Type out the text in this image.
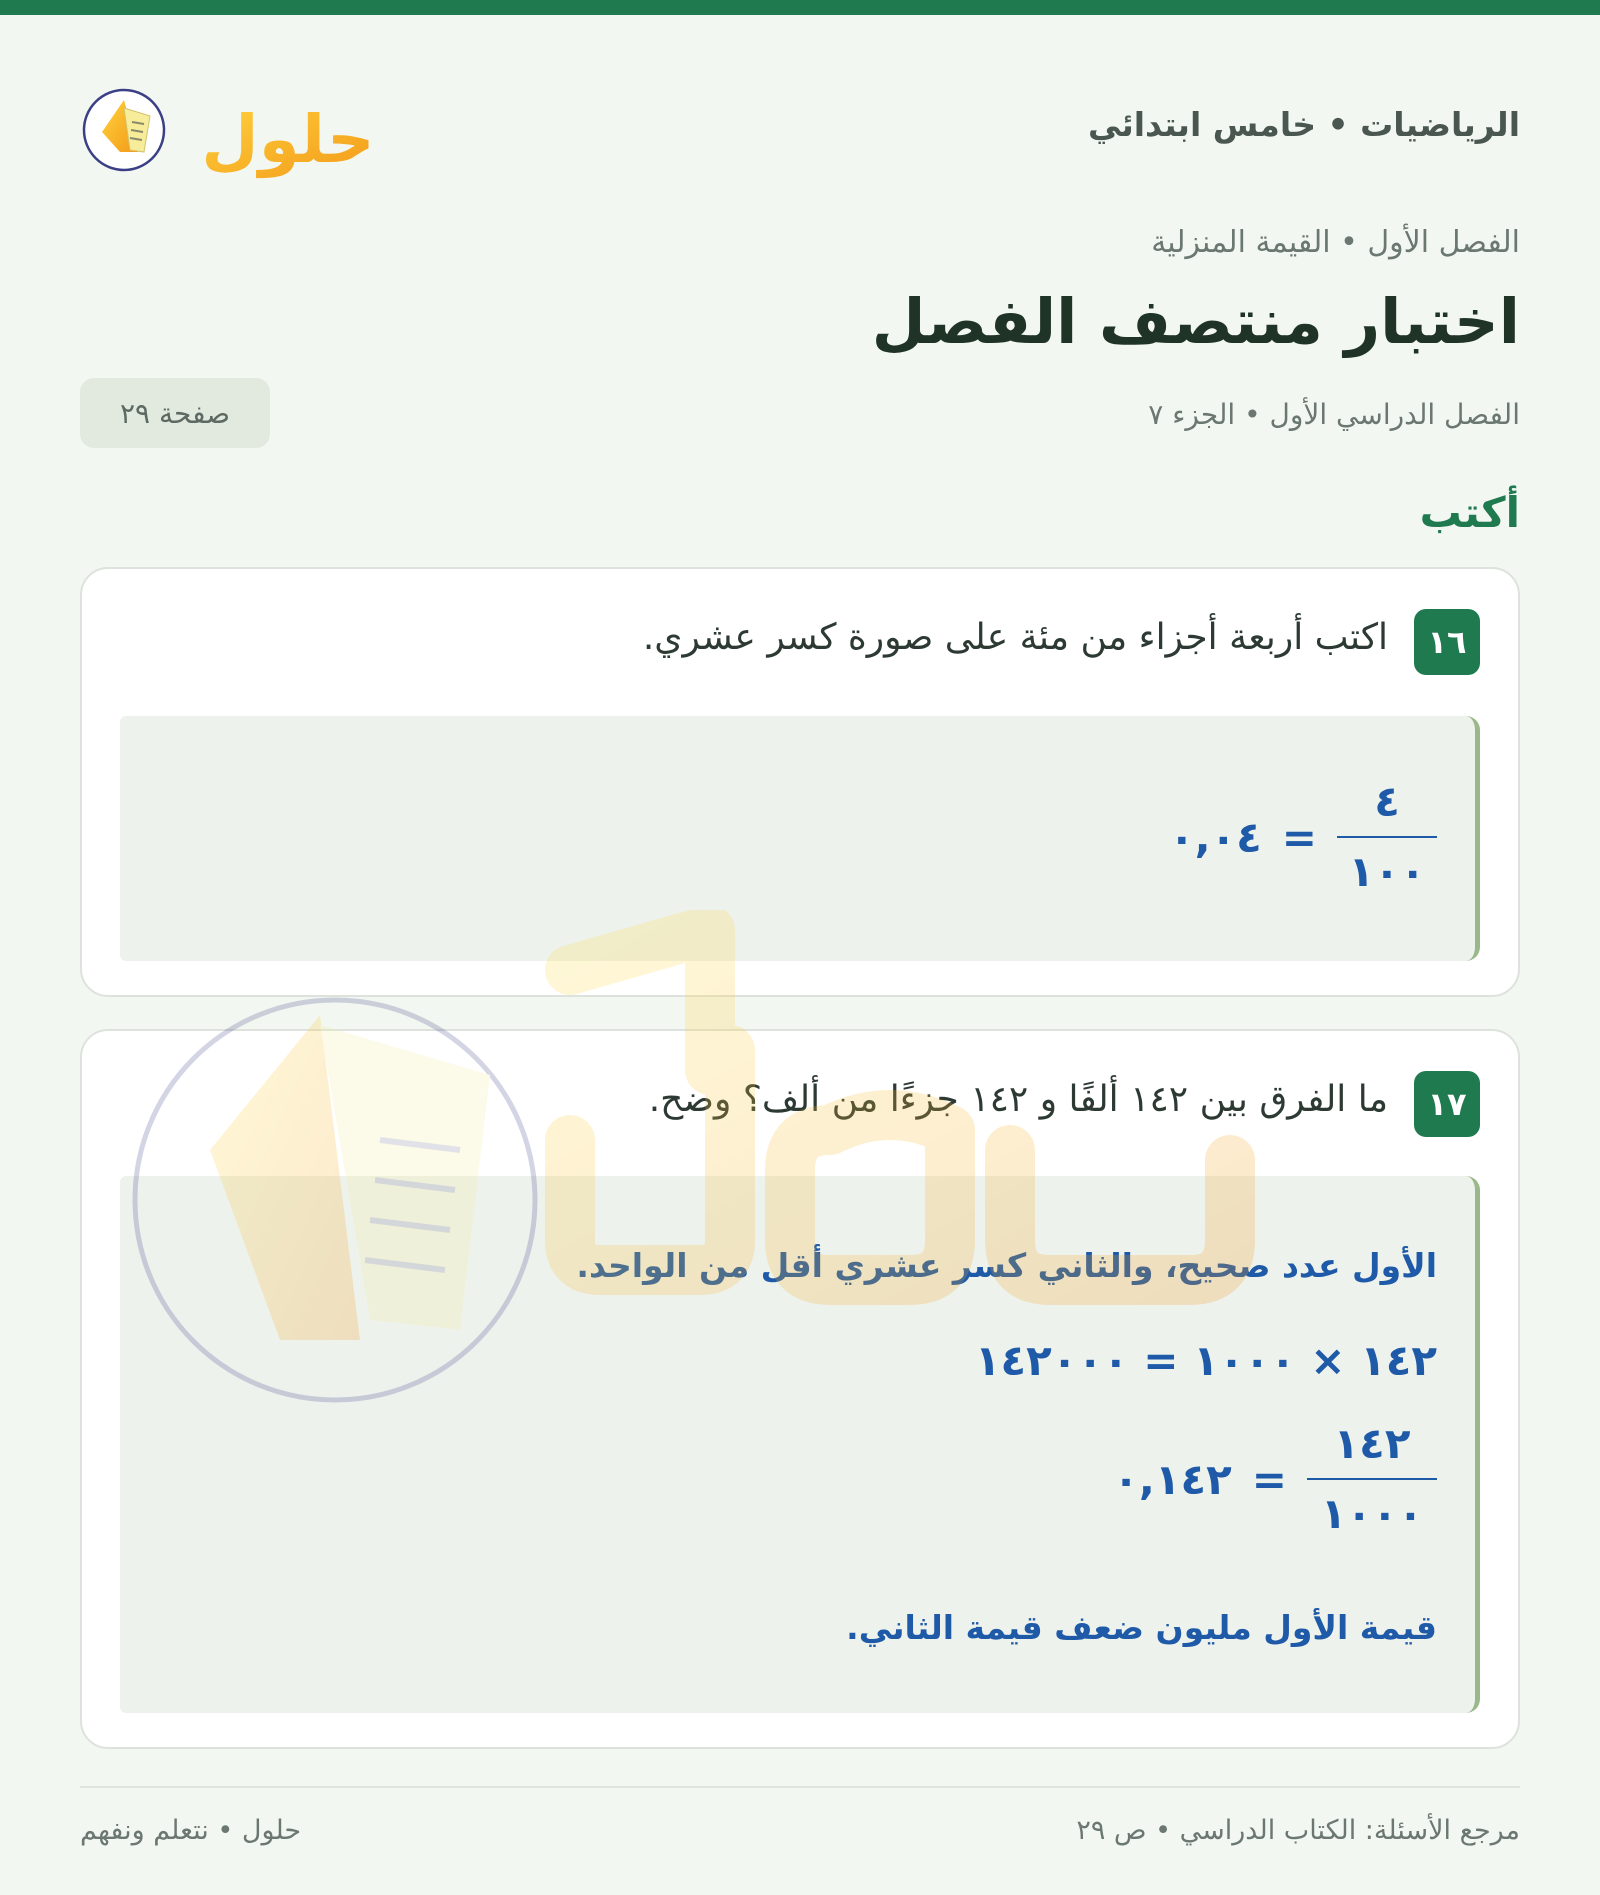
الرياضيات • خامس ابتدائي
حلول
الفصل الأول • القيمة المنزلية
اختبار منتصف الفصل
الفصل الدراسي الأول • الجزء ٧
صفحة ٢٩
أكتب
١٦
اكتب أربعة أجزاء من مئة على صورة كسر عشري.
$\frac{٤}{١٠٠}$
=
٠,٠٤
١٧
ما الفرق بين ١٤٢ ألفًا و ١٤٢ جزءًا من ألف؟ وضح.
الأول عدد صحيح، والثاني كسر عشري أقل من الواحد.
١٤٢ × ١٠٠٠ = ١٤٢٠٠٠
$\frac{١٤٢}{١٠٠٠}$
=
٠,١٤٢
قيمة الأول مليون ضعف قيمة الثاني.
مرجع الأسئلة: الكتاب الدراسي • ص ٢٩
حلول • نتعلم ونفهم
